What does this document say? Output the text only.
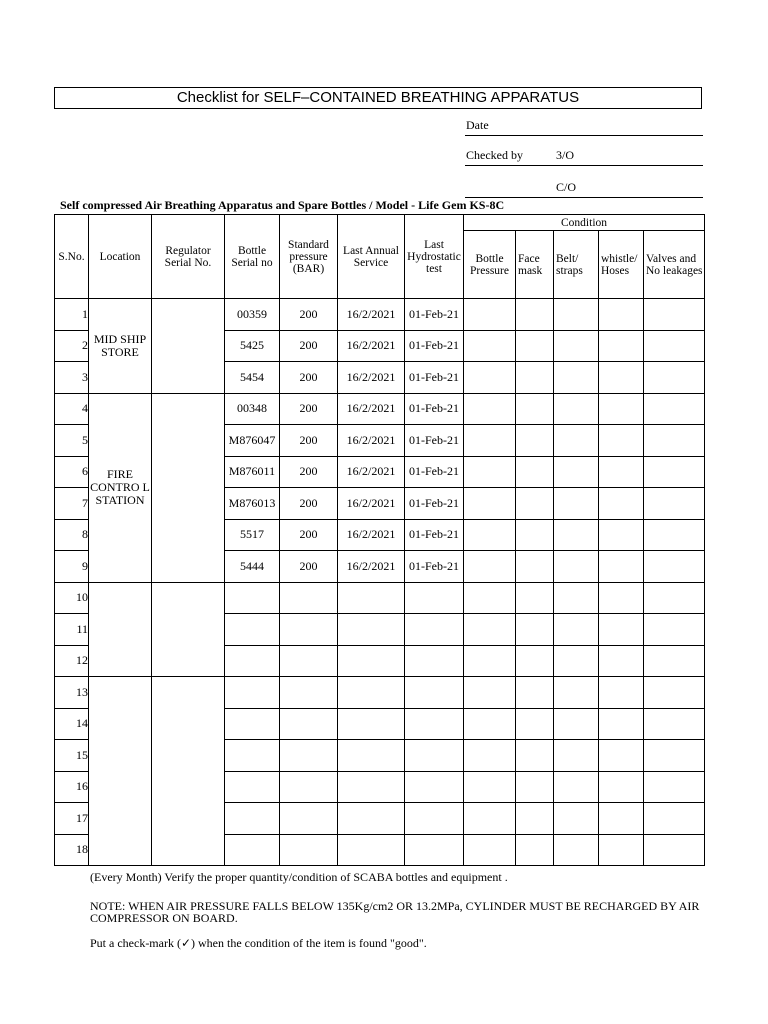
Checklist for SELF–CONTAINED BREATHING APPARATUS
Date
Checked by	3/O
C/O
Self compressed Air Breathing Apparatus and Spare Bottles / Model - Life Gem KS-8C
S.No.	Location	Regulator Serial No.	Bottle Serial no	Standard pressure (BAR)	Last Annual Service	Last Hydrostatic test	Condition				
							Bottle Pressure	Face mask	Belt/ straps	whistle/ Hoses	Valves and No leakages
1	MID SHIP STORE		00359	200	16/2/2021	01-Feb-21					
2			5425	200	16/2/2021	01-Feb-21					
3			5454	200	16/2/2021	01-Feb-21					
4	FIRE CONTRO L STATION		00348	200	16/2/2021	01-Feb-21					
5			M876047	200	16/2/2021	01-Feb-21					
6			M876011	200	16/2/2021	01-Feb-21					
7			M876013	200	16/2/2021	01-Feb-21					
8			5517	200	16/2/2021	01-Feb-21					
9			5444	200	16/2/2021	01-Feb-21					
10											
11											
12											
13											
14											
15											
16											
17											
18											
(Every Month) Verify the proper quantity/condition of SCABA bottles and equipment .
NOTE: WHEN AIR PRESSURE FALLS BELOW 135Kg/cm2 OR 13.2MPa, CYLINDER MUST BE RECHARGED BY AIR COMPRESSOR ON BOARD.
Put a check-mark (✓) when the condition of the item is found "good".
